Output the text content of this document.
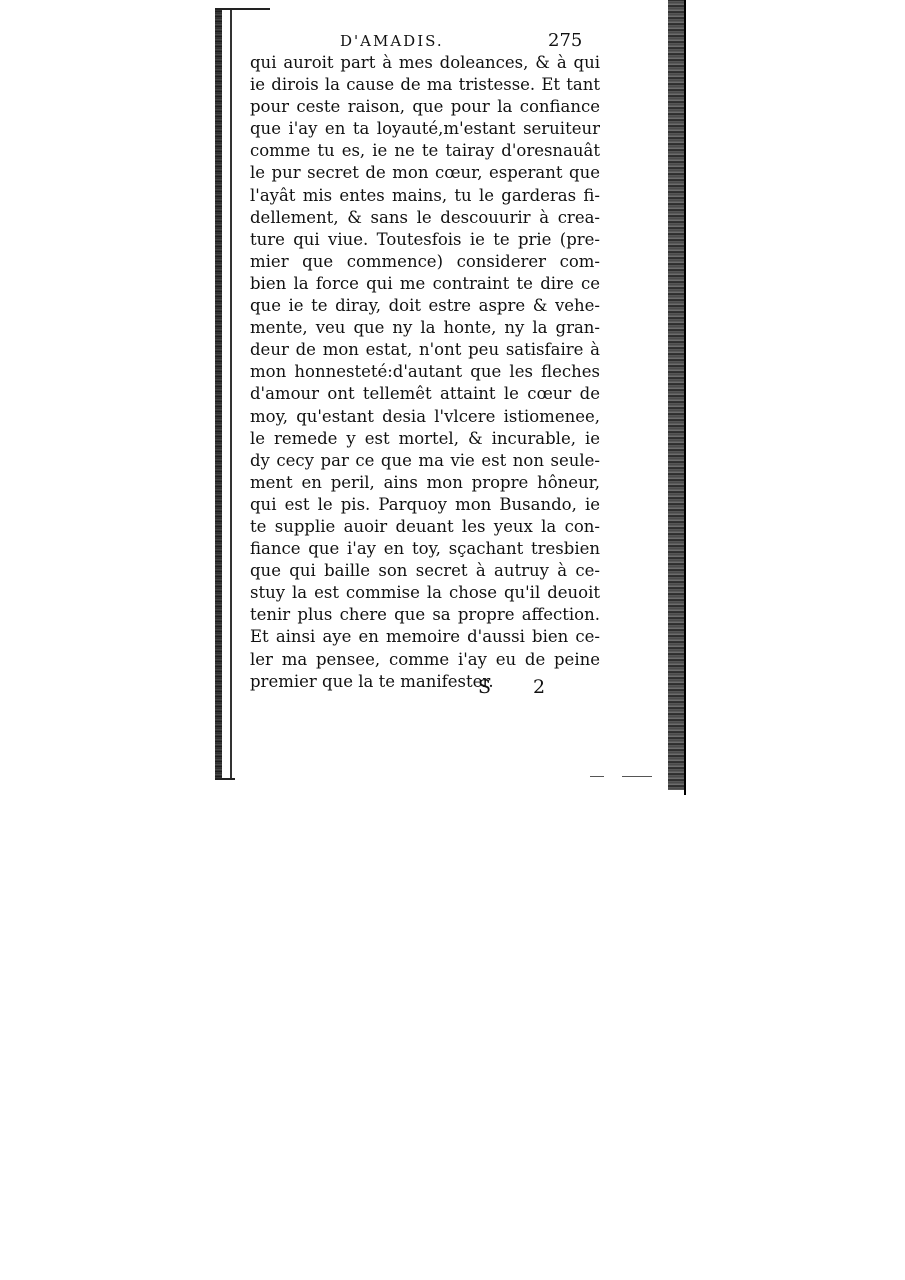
D'AMADIS.	275
qui auroit part à mes doleances, & à qui
ie dirois la cause de ma tristesse. Et tant
pour ceste raison, que pour la confiance
que i'ay en ta loyauté,m'estant seruiteur
comme tu es, ie ne te tairay d'oresnauât
le pur secret de mon cœur, esperant que
l'ayât mis entes mains, tu le garderas fi-
dellement, & sans le descouurir à crea-
ture qui viue. Toutesfois ie te prie (pre-
mier que commence) considerer com-
bien la force qui me contraint te dire ce
que ie te diray, doit estre aspre & vehe-
mente, veu que ny la honte, ny la gran-
deur de mon estat, n'ont peu satisfaire à
mon honnesteté:d'autant que les fleches
d'amour ont tellemêt attaint le cœur de
moy, qu'estant desia l'vlcere istiomenee,
le remede y est mortel, & incurable, ie
dy cecy par ce que ma vie est non seule-
ment en peril, ains mon propre hôneur,
qui est le pis. Parquoy mon Busando, ie
te supplie auoir deuant les yeux la con-
fiance que i'ay en toy, sçachant tresbien
que qui baille son secret à autruy à ce-
stuy la est commise la chose qu'il deuoit
tenir plus chere que sa propre affection.
Et ainsi aye en memoire d'aussi bien ce-
ler ma pensee, comme i'ay eu de peine
premier que la te manifester.
S 2
